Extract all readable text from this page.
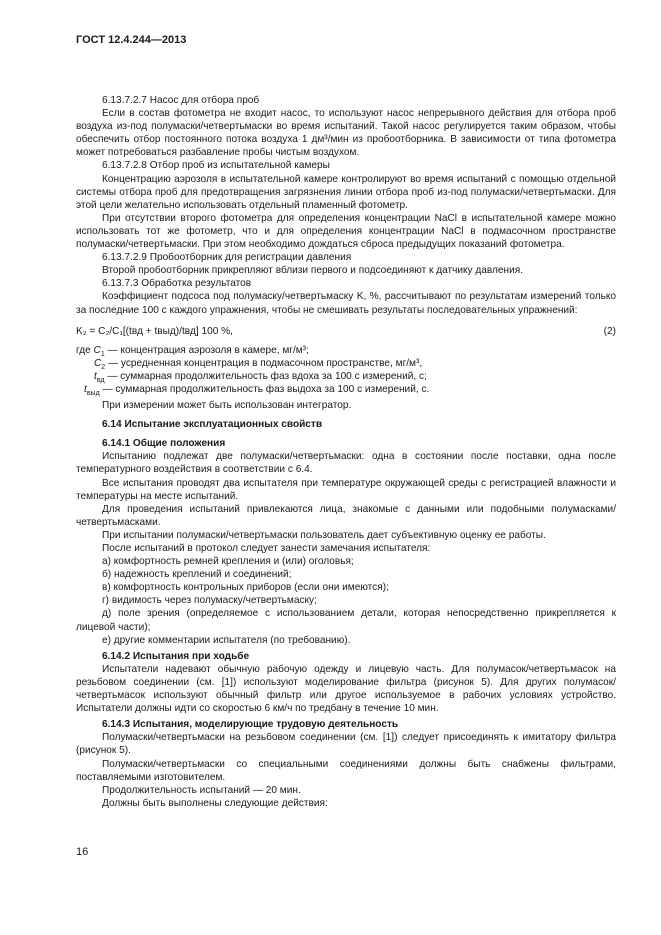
ГОСТ 12.4.244—2013

6.13.7.2.7 Насос для отбора проб

Если в состав фотометра не входит насос, то используют насос непрерывного действия для отбора проб воздуха из-под полумаски/четвертьмаски во время испытаний. Такой насос регулируется таким образом, чтобы обеспечить отбор постоянного потока воздуха 1 дм³/мин из пробоотборника. В зависимости от типа фотометра может потребоваться разбавление пробы чистым воздухом.

6.13.7.2.8 Отбор проб из испытательной камеры

Концентрацию аэрозоля в испытательной камере контролируют во время испытаний с помощью отдельной системы отбора проб для предотвращения загрязнения линии отбора проб из-под полумаски/четвертьмаски. Для этой цели желательно использовать отдельный пламенный фотометр.

При отсутствии второго фотометра для определения концентрации NaCl в испытательной камере можно использовать тот же фотометр, что и для определения концентрации NaCl в подмасочном пространстве полумаски/четвертьмаски. При этом необходимо дождаться сброса предыдущих показаний фотометра.

6.13.7.2.9 Пробоотборник для регистрации давления

Второй пробоотборник прикрепляют вблизи первого и подсоединяют к датчику давления.

6.13.7.3 Обработка результатов

Коэффициент подсоса под полумаску/четвертьмаску K, %, рассчитывают по результатам измерений только за последние 100 с каждого упражнения, чтобы не смешивать результаты последовательных упражнений:

K₂ = C₂/C₁[(tвд + tвыд)/tвд] 100 %,	(2)

где $C_1$ — концентрация аэрозоля в камере, мг/м³;

$C_2$ — усредненная концентрация в подмасочном пространстве, мг/м³,

$t_{вд}$ — суммарная продолжительность фаз вдоха за 100 с измерений, с;

$t_{выд}$ — суммарная продолжительность фаз выдоха за 100 с измерений, с.

При измерении может быть использован интегратор.

6.14 Испытание эксплуатационных свойств

6.14.1 Общие положения

Испытанию подлежат две полумаски/четвертьмаски: одна в состоянии после поставки, одна после температурного воздействия в соответствии с 6.4.

Все испытания проводят два испытателя при температуре окружающей среды с регистрацией влажности и температуры на месте испытаний.

Для проведения испытаний привлекаются лица, знакомые с данными или подобными полумасками/четвертьмасками.

При испытании полумаски/четвертьмаски пользователь дает субъективную оценку ее работы.

После испытаний в протокол следует занести замечания испытателя:

а) комфортность ремней крепления и (или) оголовья;

б) надежность креплений и соединений;

в) комфортность контрольных приборов (если они имеются);

г) видимость через полумаску/четвертьмаску;

д) поле зрения (определяемое с использованием детали, которая непосредственно прикрепляется к лицевой части);

е) другие комментарии испытателя (по требованию).

6.14.2 Испытания при ходьбе

Испытатели надевают обычную рабочую одежду и лицевую часть. Для полумасок/четвертьмасок на резьбовом соединении (см. [1]) используют моделирование фильтра (рисунок 5). Для других полумасок/четвертьмасок используют обычный фильтр или другое используемое в рабочих условиях устройство. Испытатели должны идти со скоростью 6 км/ч по тредбану в течение 10 мин.

6.14.3 Испытания, моделирующие трудовую деятельность

Полумаски/четвертьмаски на резьбовом соединении (см. [1]) следует присоединять к имитатору фильтра (рисунок 5).

Полумаски/четвертьмаски со специальными соединениями должны быть снабжены фильтрами, поставляемыми изготовителем.

Продолжительность испытаний — 20 мин.

Должны быть выполнены следующие действия:

16
